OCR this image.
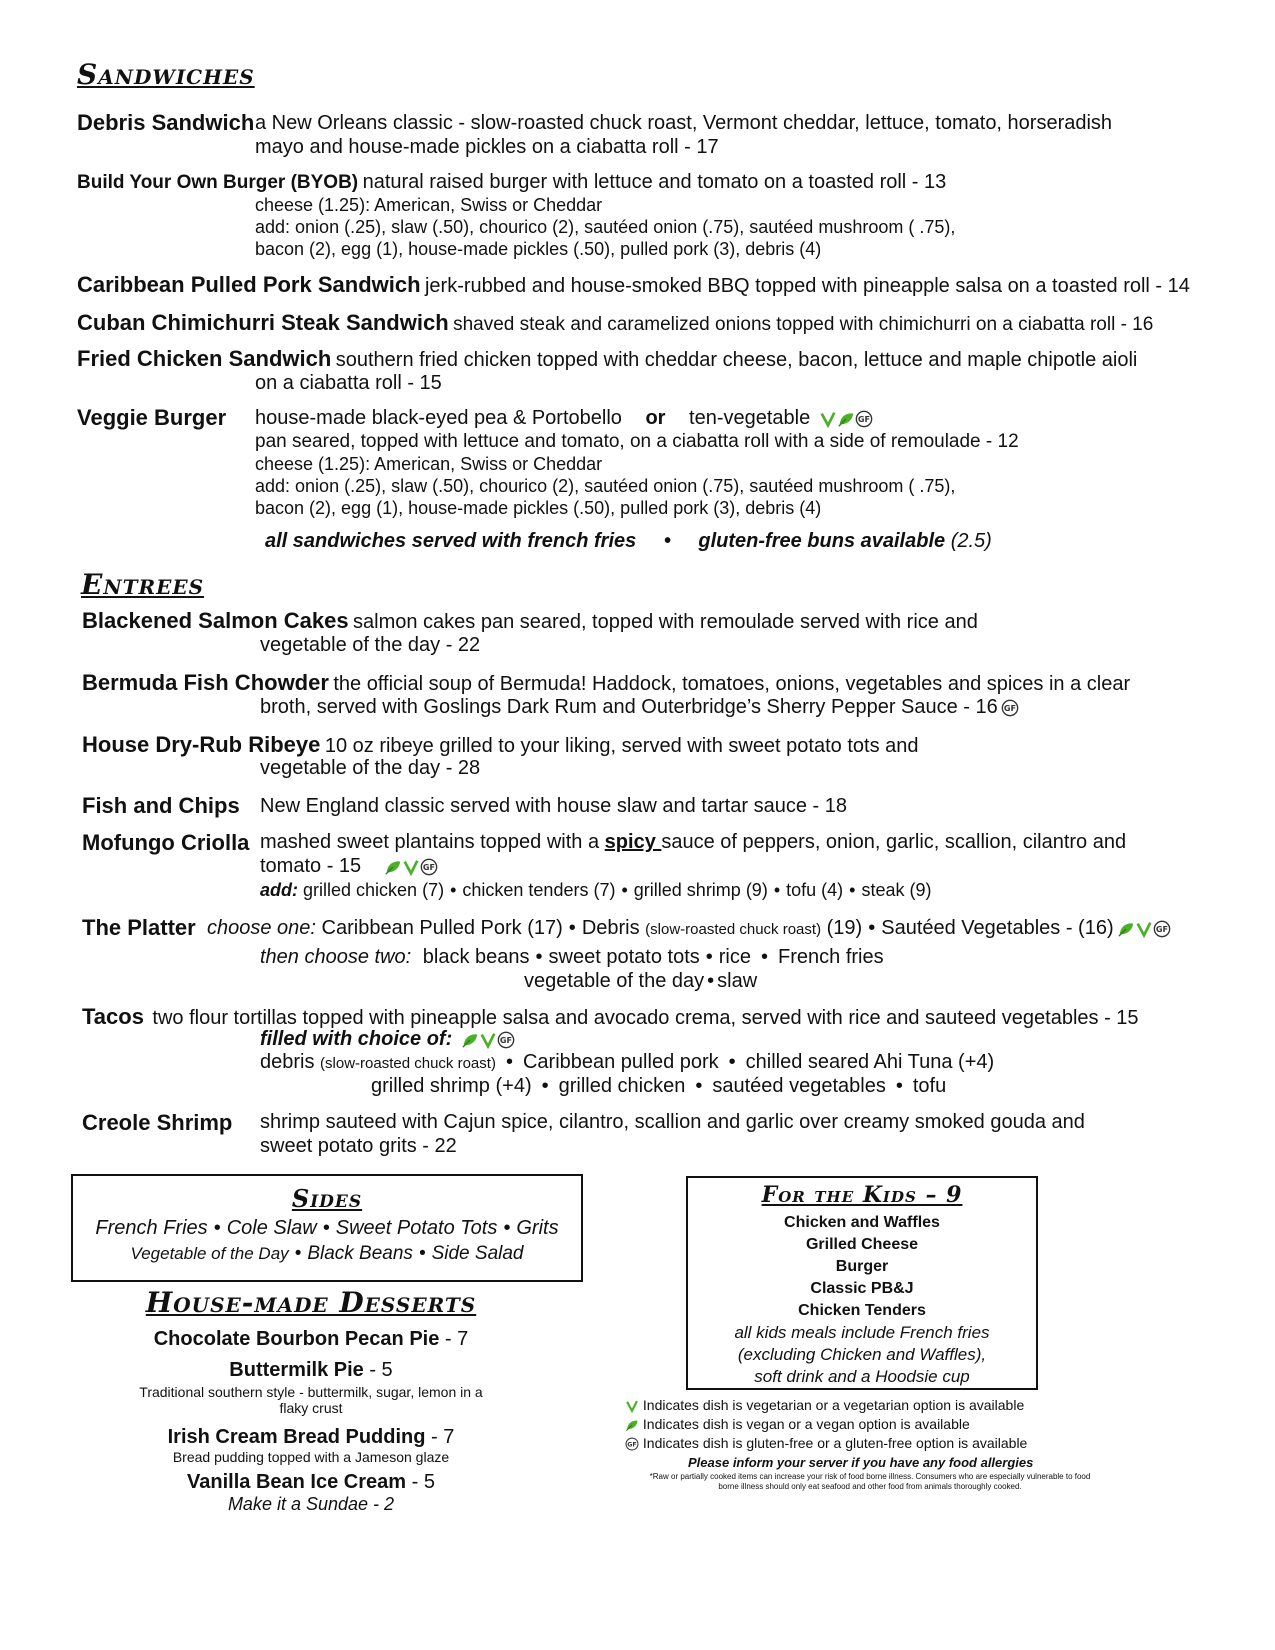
Sandwiches
Debris Sandwich a New Orleans classic - slow-roasted chuck roast, Vermont cheddar, lettuce, tomato, horseradish
mayo and house-made pickles on a ciabatta roll - 17
Build Your Own Burger (BYOB) natural raised burger with lettuce and tomato on a toasted roll - 13
cheese (1.25): American, Swiss or Cheddar
add: onion (.25), slaw (.50), chourico (2), sautéed onion (.75), sautéed mushroom ( .75),
bacon (2), egg (1), house-made pickles (.50), pulled pork (3), debris (4)
Caribbean Pulled Pork Sandwich jerk-rubbed and house-smoked BBQ topped with pineapple salsa on a toasted roll - 14
Cuban Chimichurri Steak Sandwich shaved steak and caramelized onions topped with chimichurri on a ciabatta roll - 16
Fried Chicken Sandwich southern fried chicken topped with cheddar cheese, bacon, lettuce and maple chipotle aioli
on a ciabatta roll - 15
Veggie Burger house-made black-eyed pea & Portobello or ten-vegetable
pan seared, topped with lettuce and tomato, on a ciabatta roll with a side of remoulade - 12
cheese (1.25): American, Swiss or Cheddar
add: onion (.25), slaw (.50), chourico (2), sautéed onion (.75), sautéed mushroom ( .75),
bacon (2), egg (1), house-made pickles (.50), pulled pork (3), debris (4)
all sandwiches served with french fries • gluten-free buns available (2.5)
Entrees
Blackened Salmon Cakes salmon cakes pan seared, topped with remoulade served with rice and
vegetable of the day - 22
Bermuda Fish Chowder the official soup of Bermuda! Haddock, tomatoes, onions, vegetables and spices in a clear
broth, served with Goslings Dark Rum and Outerbridge’s Sherry Pepper Sauce - 16
House Dry-Rub Ribeye 10 oz ribeye grilled to your liking, served with sweet potato tots and
vegetable of the day - 28
Fish and Chips New England classic served with house slaw and tartar sauce - 18
Mofungo Criolla mashed sweet plantains topped with a spicy sauce of peppers, onion, garlic, scallion, cilantro and
tomato - 15
add: grilled chicken (7) • chicken tenders (7) • grilled shrimp (9) • tofu (4) • steak (9)
The Platter choose one: Caribbean Pulled Pork (17) • Debris (slow-roasted chuck roast) (19) • Sautéed Vegetables - (16)
then choose two: black beans • sweet potato tots • rice • French fries
vegetable of the day • slaw
Tacos two flour tortillas topped with pineapple salsa and avocado crema, served with rice and sauteed vegetables - 15
filled with choice of:
debris (slow-roasted chuck roast) • Caribbean pulled pork • chilled seared Ahi Tuna (+4)
grilled shrimp (+4) • grilled chicken • sautéed vegetables • tofu
Creole Shrimp shrimp sauteed with Cajun spice, cilantro, scallion and garlic over creamy smoked gouda and
sweet potato grits - 22
Sides
French Fries • Cole Slaw • Sweet Potato Tots • Grits
Vegetable of the Day • Black Beans • Side Salad
House-made Desserts
Chocolate Bourbon Pecan Pie - 7
Buttermilk Pie - 5
Traditional southern style - buttermilk, sugar, lemon in a
flaky crust
Irish Cream Bread Pudding - 7
Bread pudding topped with a Jameson glaze
Vanilla Bean Ice Cream - 5
Make it a Sundae - 2
For the Kids – 9
Chicken and Waffles
Grilled Cheese
Burger
Classic PB&J
Chicken Tenders
all kids meals include French fries
(excluding Chicken and Waffles),
soft drink and a Hoodsie cup
Indicates dish is vegetarian or a vegetarian option is available
Indicates dish is vegan or a vegan option is available
Indicates dish is gluten-free or a gluten-free option is available
Please inform your server if you have any food allergies
*Raw or partially cooked items can increase your risk of food borne illness. Consumers who are especially vulnerable to food
borne illness should only eat seafood and other food from animals thoroughly cooked.
